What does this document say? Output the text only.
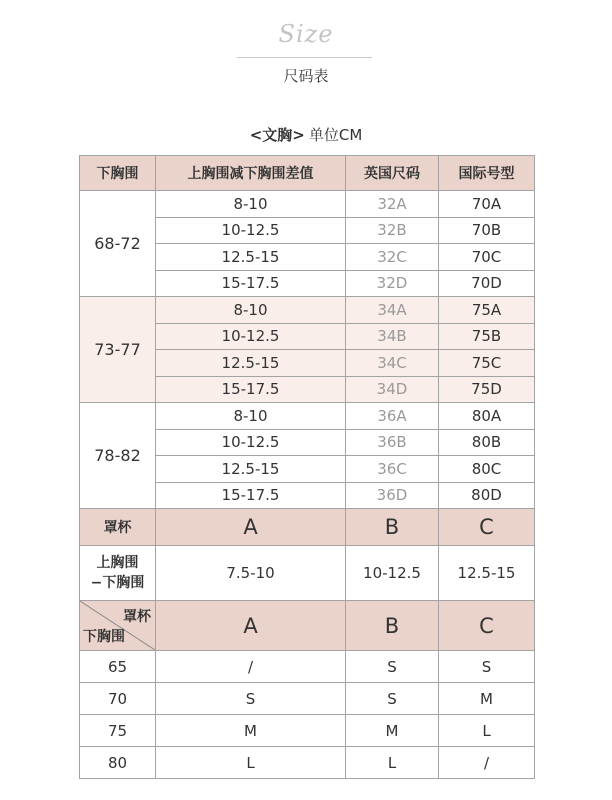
Size
尺码表
<文胸> 单位CM
下胸围	上胸围减下胸围差值	英国尺码	国际号型
68-72	8-10	32A	70A
	10-12.5	32B	70B
	12.5-15	32C	70C
	15-17.5	32D	70D
73-77	8-10	34A	75A
	10-12.5	34B	75B
	12.5-15	34C	75C
	15-17.5	34D	75D
78-82	8-10	36A	80A
	10-12.5	36B	80B
	12.5-15	36C	80C
	15-17.5	36D	80D
罩杯	A	B	C

上胸围
−下胸围	7.5-10	10-12.5	12.5-15

罩杯
下胸围	A	B	C
65	/	S	S
70	S	S	M
75	M	M	L
80	L	L	/
